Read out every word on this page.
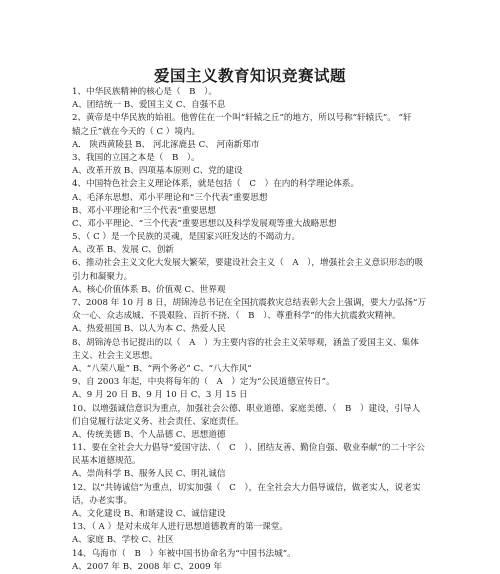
爱国主义教育知识竞赛试题
1、中华民族精神的核心是（　B　）。
A、团结统一 B、爱国主义 C、自强不息
2、黄帝是中华民族的始祖。他曾住在一个叫“轩辕之丘”的地方，所以号称“轩辕氏”。 “轩
辕之丘”就在今天的（ C ）境内。
A． 陕西黄陵县 B、 河北涿鹿县 C、 河南新郑市
3、我国的立国之本是（　B　）。
A、改革开放 B、四项基本原则 C、党的建设
4、中国特色社会主义理论体系，就是包括（　C　）在内的科学理论体系。
A、毛泽东思想、邓小平理论和“三个代表”重要思想
B、邓小平理论和“三个代表”重要思想
C、邓小平理论、“三个代表”重要思想以及科学发展观等重大战略思想
5、（ C ）是一个民族的灵魂，是国家兴旺发达的不竭动力。
A、改革 B、发展 C、创新
6、推动社会主义文化大发展大繁荣，要建设社会主义（　A　），增强社会主义意识形态的吸
引力和凝聚力。
A、核心价值体系 B、价值观 C、世界观
7、2008 年 10 月 8 日，胡锦涛总书记在全国抗震救灾总结表彰大会上强调，要大力弘扬“万
众一心、众志成城、不畏艰险、百折不挠、（　B　）、尊重科学”的伟大抗震救灾精神。
A、热爱祖国 B、以人为本 C、热爱人民
8、胡锦涛总书记提出的以（　A　）为主要内容的社会主义荣辱观，涵盖了爱国主义、集体
主义、社会主义思想。
A、“八荣八耻” B、“两个务必” C、“八大作风”
9、自 2003 年起，中央将每年的（　A　）定为“公民道德宣传日”。
A、9 月 20 日 B、9 月 10 日 C、3 月 15 日
10、以增强诚信意识为重点，加强社会公德、职业道德、家庭美德、（　B　）建设，引导人
们自觉履行法定义务、社会责任、家庭责任。
A、传统美德 B、个人品德 C、思想道德
11、要在全社会大力倡导“爱国守法、（　C　）、团结友善、勤俭自强、敬业奉献”的二十字公
民基本道德规范。
A、崇尚科学 B、服务人民 C、明礼诚信
12、以“共铸诚信”为重点，切实加强（　C　），在全社会大力倡导诚信，做老实人，说老实
话，办老实事。
A、文化建设 B、和谐建设 C、诚信建设
13、（ A ）是对未成年人进行思想道德教育的第一课堂。
A、家庭 B、学校 C、社区
14、乌海市（　B　）年被中国书协命名为“中国书法城”。
A、2007 年 B、2008 年 C、2009 年
